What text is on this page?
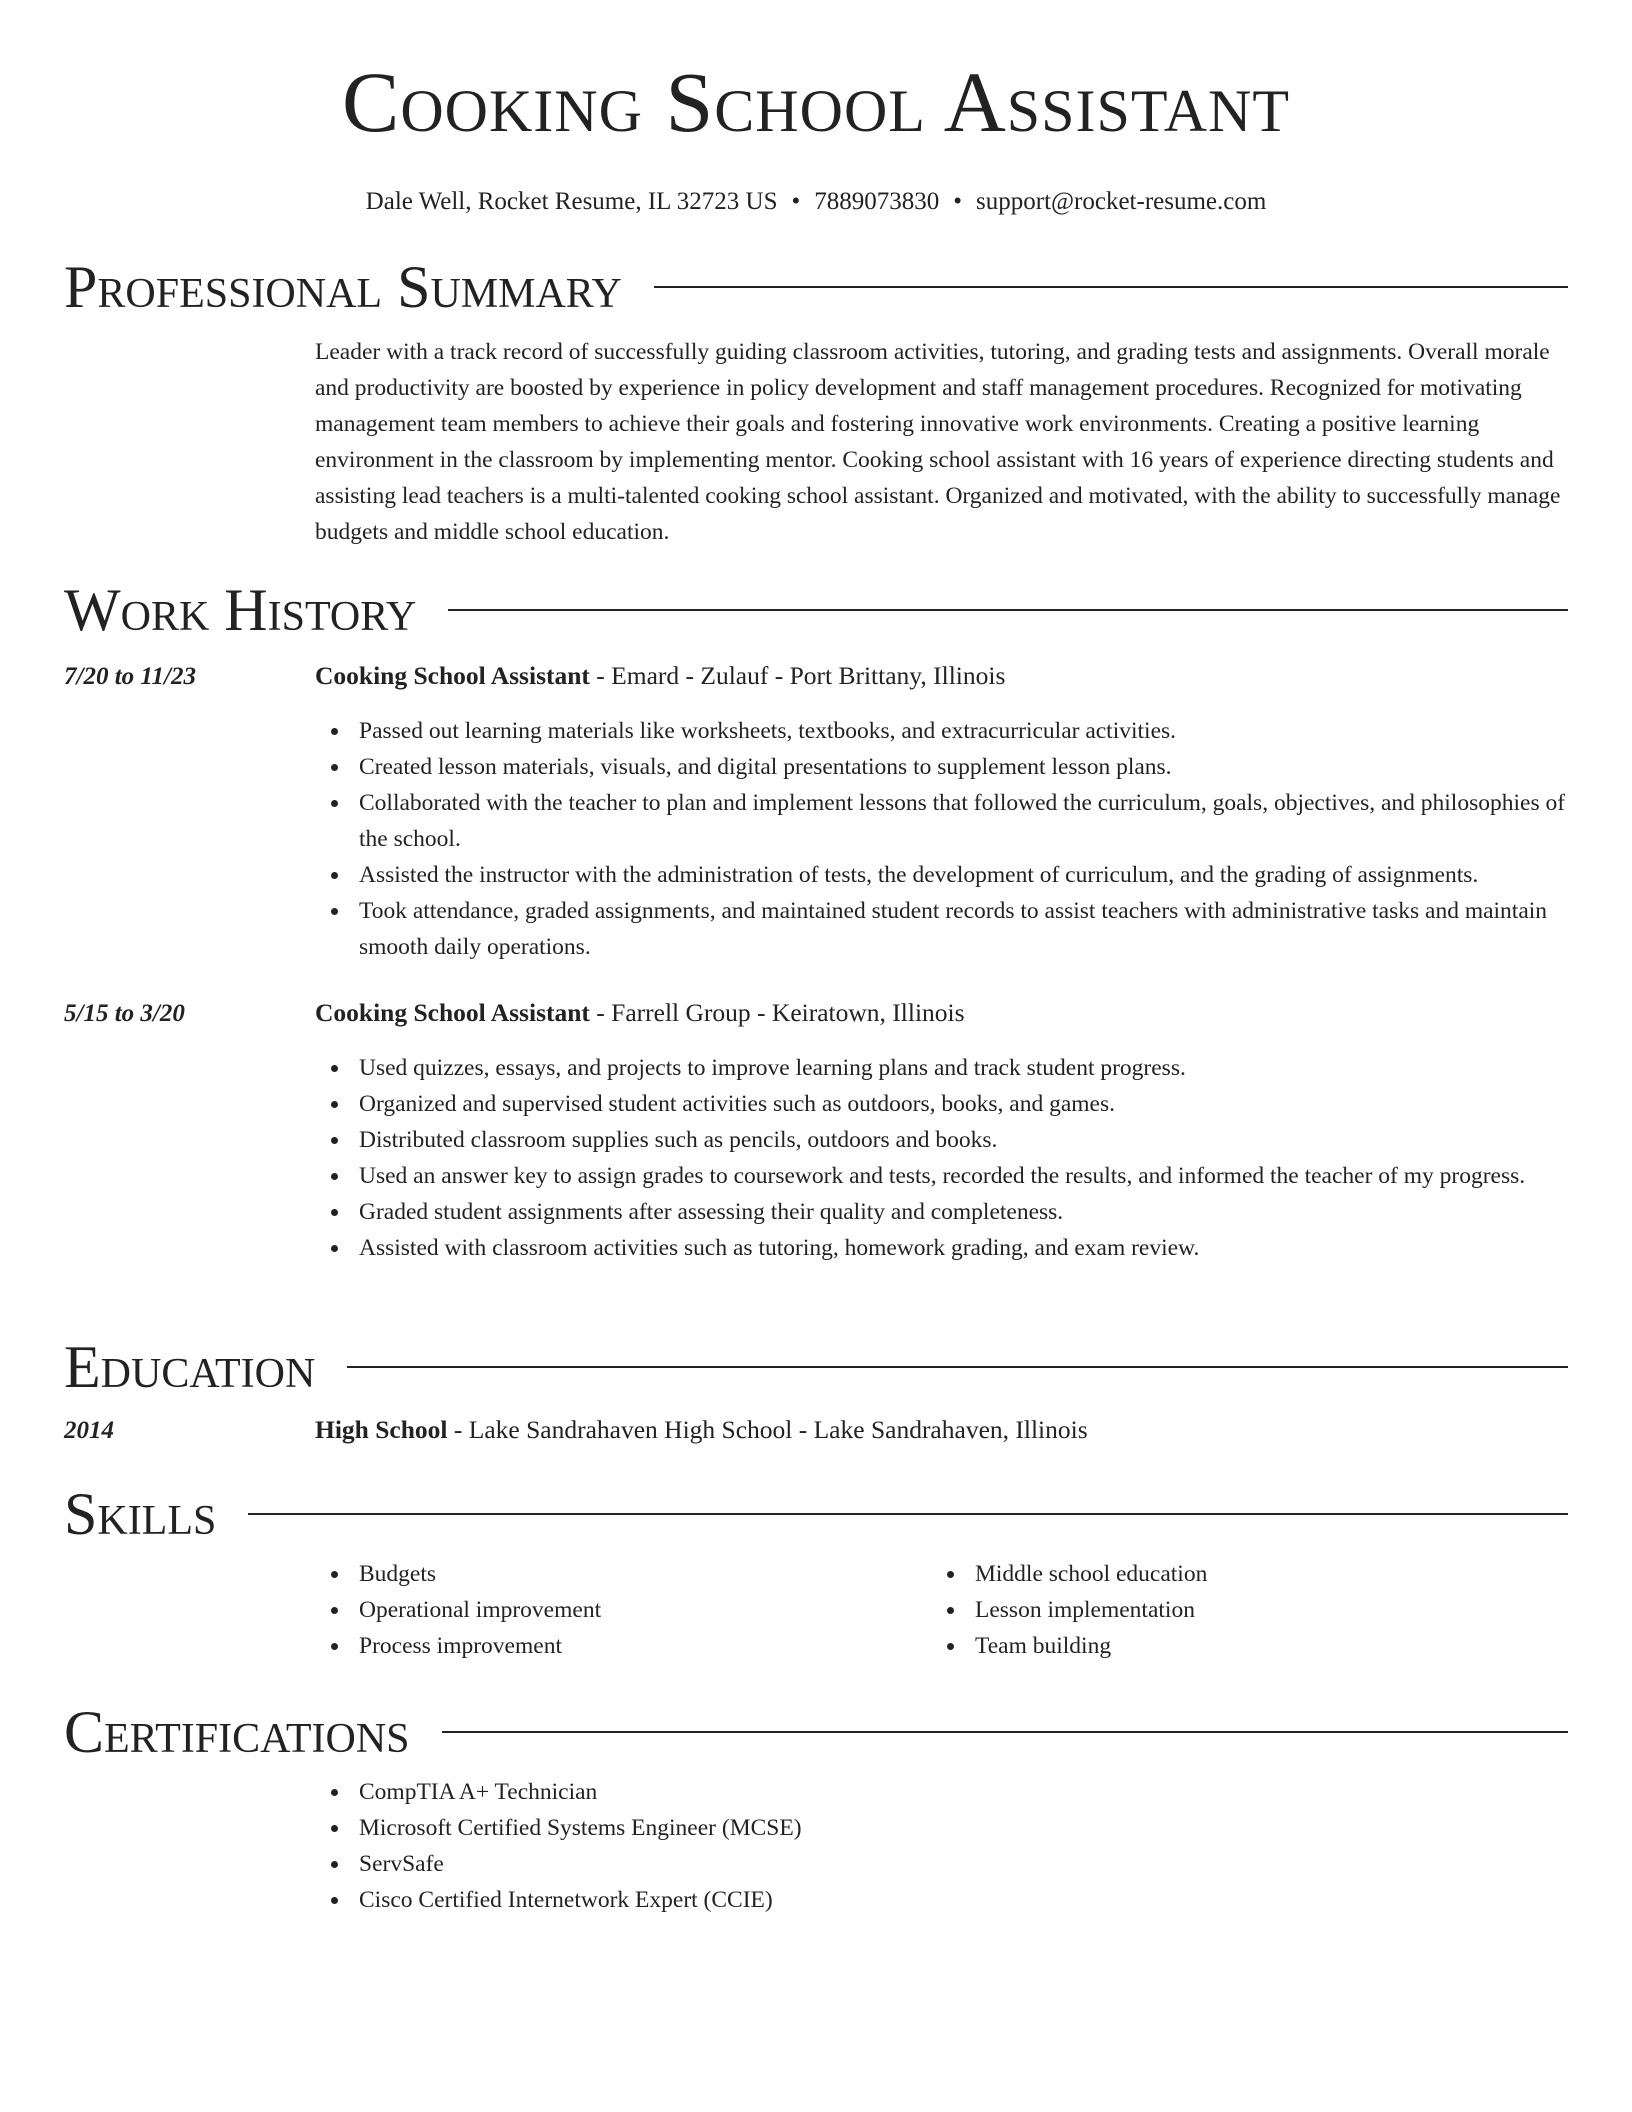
Cooking School Assistant
Dale Well, Rocket Resume, IL 32723 US • 7889073830 • support@rocket-resume.com
Professional Summary

Leader with a track record of successfully guiding classroom activities, tutoring, and grading tests and assignments. Overall morale and productivity are boosted by experience in policy development and staff management procedures. Recognized for motivating management team members to achieve their goals and fostering innovative work environments. Creating a positive learning environment in the classroom by implementing mentor. Cooking school assistant with 16 years of experience directing students and assisting lead teachers is a multi-talented cooking school assistant. Organized and motivated, with the ability to successfully manage budgets and middle school education.

Work History
7/20 to 11/23	Cooking School Assistant - Emard - Zulauf - Port Brittany, Illinois
Passed out learning materials like worksheets, textbooks, and extracurricular activities.
Created lesson materials, visuals, and digital presentations to supplement lesson plans.
Collaborated with the teacher to plan and implement lessons that followed the curriculum, goals, objectives, and philosophies of the school.
Assisted the instructor with the administration of tests, the development of curriculum, and the grading of assignments.
Took attendance, graded assignments, and maintained student records to assist teachers with administrative tasks and maintain smooth daily operations.
5/15 to 3/20	Cooking School Assistant - Farrell Group - Keiratown, Illinois
Used quizzes, essays, and projects to improve learning plans and track student progress.
Organized and supervised student activities such as outdoors, books, and games.
Distributed classroom supplies such as pencils, outdoors and books.
Used an answer key to assign grades to coursework and tests, recorded the results, and informed the teacher of my progress.
Graded student assignments after assessing their quality and completeness.
Assisted with classroom activities such as tutoring, homework grading, and exam review.
Education
2014	High School - Lake Sandrahaven High School - Lake Sandrahaven, Illinois
Skills
Budgets
Operational improvement
Process improvement
Middle school education
Lesson implementation
Team building
Certifications
CompTIA A+ Technician
Microsoft Certified Systems Engineer (MCSE)
ServSafe
Cisco Certified Internetwork Expert (CCIE)
